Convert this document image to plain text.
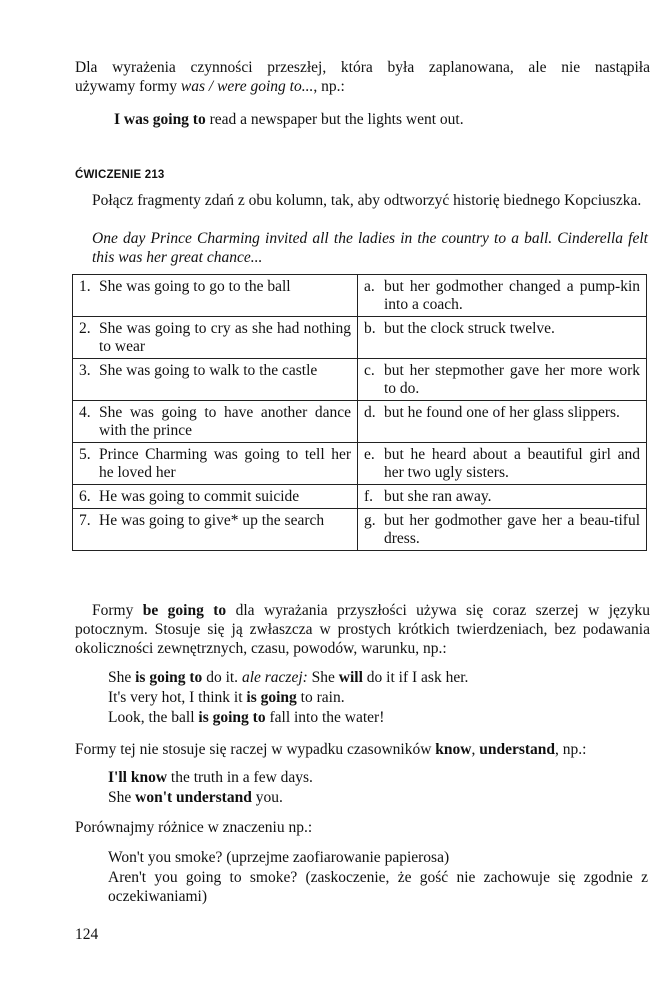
Dla wyrażenia czynności przeszłej, która była zaplanowana, ale nie nastąpiła
używamy formy was / were going to..., np.:
I was going to read a newspaper but the lights went out.
ĆWICZENIE 213
Połącz fragmenty zdań z obu kolumn, tak, aby odtworzyć historię biednego Kopciuszka.
One day Prince Charming invited all the ladies in the country to a ball. Cinderella felt this was her great chance...
1. She was going to go to the ball	a. but her godmother changed a pump-kin into a coach.

2. She was going to cry as she had nothing to wear	b. but the clock struck twelve.

3. She was going to walk to the castle	c. but her stepmother gave her more work to do.

4. She was going to have another dance with the prince	d. but he found one of her glass slippers.

5. Prince Charming was going to tell her he loved her	e. but he heard about a beautiful girl and her two ugly sisters.

6. He was going to commit suicide	f. but she ran away.

7. He was going to give* up the search	g. but her godmother gave her a beau-tiful dress.
Formy be going to dla wyrażania przyszłości używa się coraz szerzej w języku potocznym. Stosuje się ją zwłaszcza w prostych krótkich twierdzeniach, bez podawania okoliczności zewnętrznych, czasu, powodów, warunku, np.:
She is going to do it. ale raczej: She will do it if I ask her.
It's very hot, I think it is going to rain.
Look, the ball is going to fall into the water!
Formy tej nie stosuje się raczej w wypadku czasowników know, understand, np.:
I'll know the truth in a few days.
She won't understand you.
Porównajmy różnice w znaczeniu np.:
Won't you smoke? (uprzejme zaofiarowanie papierosa)
Aren't you going to smoke? (zaskoczenie, że gość nie zachowuje się zgodnie z oczekiwaniami)
124
